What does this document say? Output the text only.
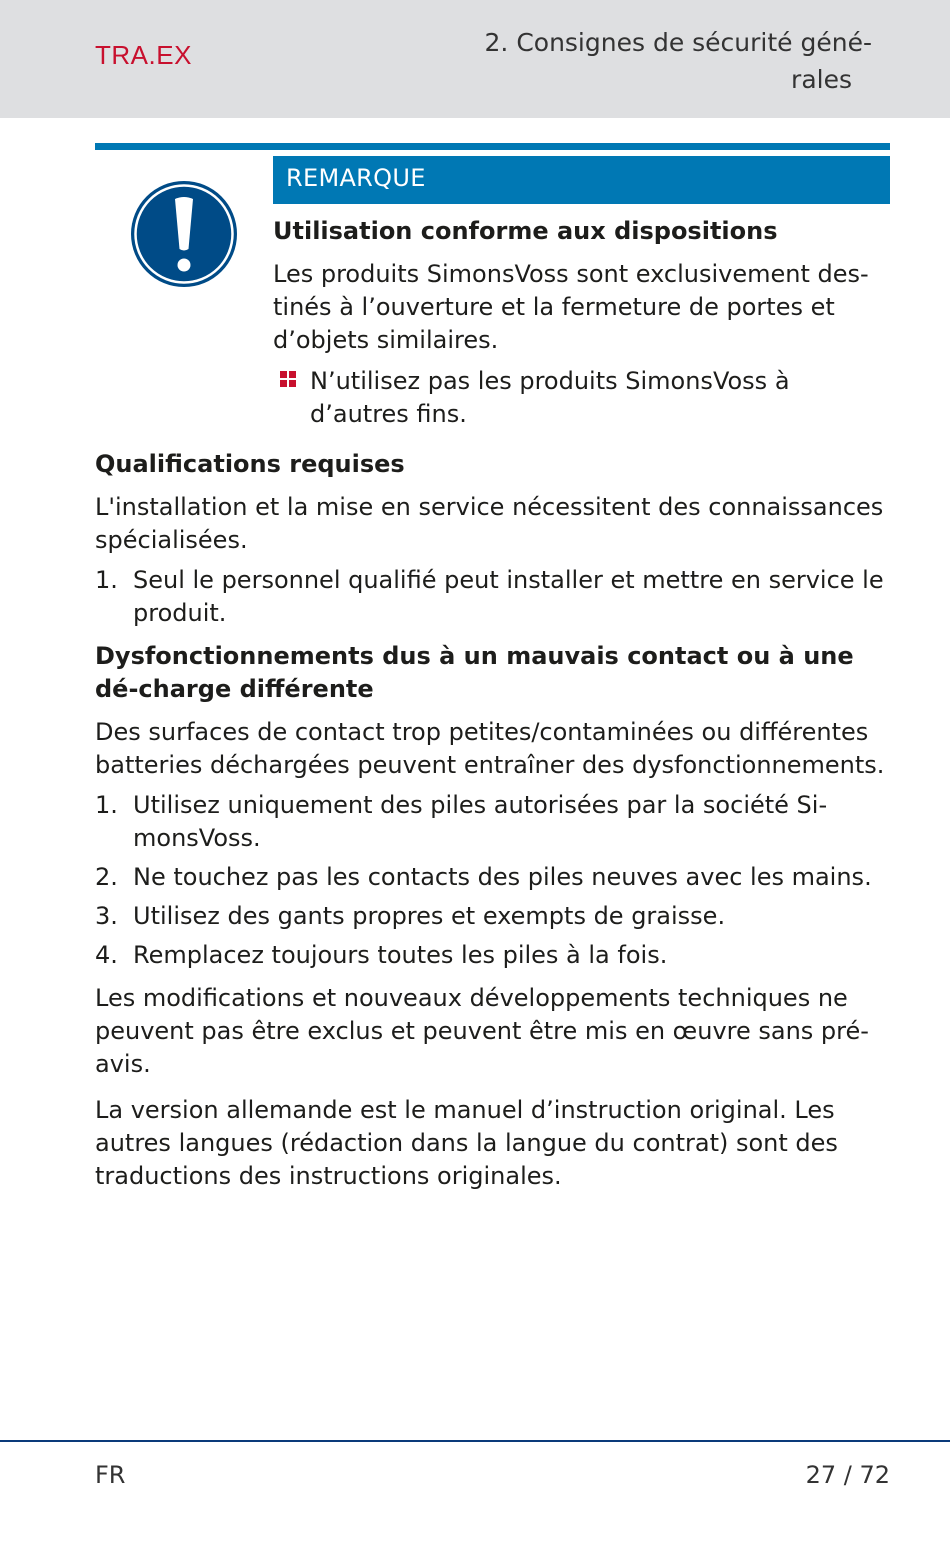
TRA.EX	2. Consignes de sécurité géné-
rales
REMARQUE
Utilisation conforme aux dispositions
Les produits SimonsVoss sont exclusivement des-tinés à l’ouverture et la fermeture de portes et d’objets similaires.
N’utilisez pas les produits SimonsVoss à d’autres fins.
Qualifications requises
L'installation et la mise en service nécessitent des connaissances spécialisées.
1. Seul le personnel qualifié peut installer et mettre en service le produit.
Dysfonctionnements dus à un mauvais contact ou à une dé-charge différente
Des surfaces de contact trop petites/contaminées ou différentes batteries déchargées peuvent entraîner des dysfonctionnements.
1. Utilisez uniquement des piles autorisées par la société Si-monsVoss.
2. Ne touchez pas les contacts des piles neuves avec les mains.
3. Utilisez des gants propres et exempts de graisse.
4. Remplacez toujours toutes les piles à la fois.
Les modifications et nouveaux développements techniques ne peuvent pas être exclus et peuvent être mis en œuvre sans pré-avis.
La version allemande est le manuel d’instruction original. Les autres langues (rédaction dans la langue du contrat) sont des traductions des instructions originales.
FR	27 / 72
